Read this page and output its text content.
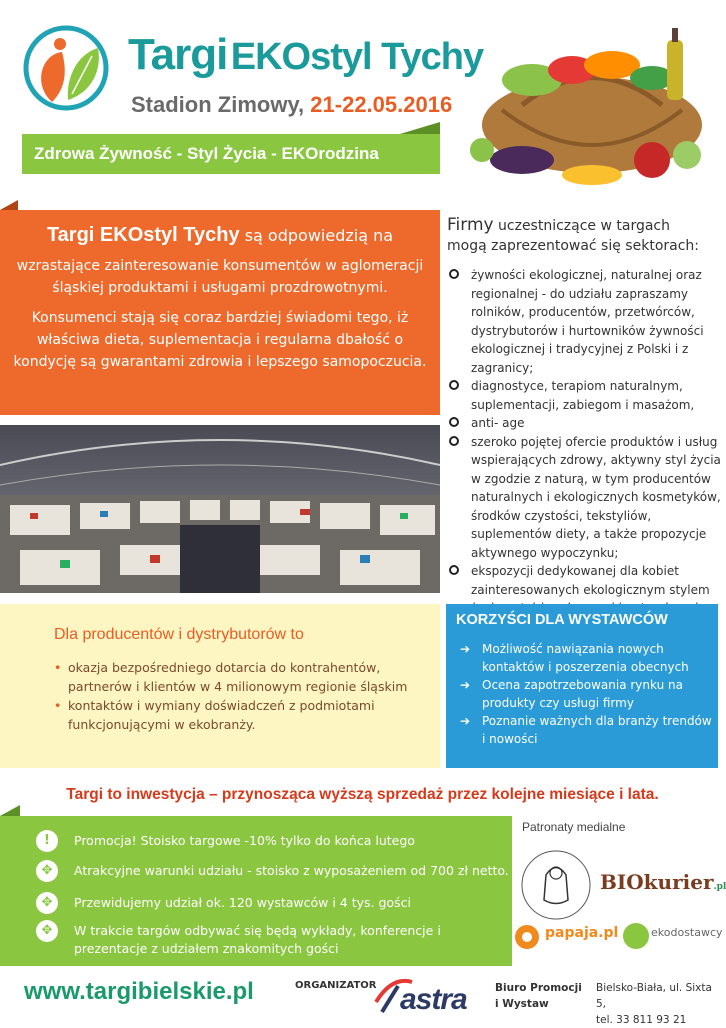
Targi EKOstyl Tychy
Stadion Zimowy, 21-22.05.2016
Zdrowa Żywność - Styl Życia - EKOrodzina

Targi EKOstyl Tychy są odpowiedzią na

wzrastające zainteresowanie konsumentów w aglomeracji śląskiej produktami i usługami prozdrowotnymi.

Konsumenci stają się coraz bardziej świadomi tego, iż właściwa dieta, suplementacja i regularna dbałość o kondycję są gwarantami zdrowia i lepszego samopoczucia.

Firmy uczestniczące w targach
mogą zaprezentować się sektorach:
żywności ekologicznej, naturalnej oraz regionalnej - do udziału zapraszamy rolników, producentów, przetwórców, dystrybutorów i hurtowników żywności ekologicznej i tradycyjnej z Polski i z zagranicy;
diagnostyce, terapiom naturalnym, suplementacji, zabiegom i masażom,
anti- age
szeroko pojętej ofercie produktów i usług wspierających zdrowy, aktywny styl życia w zgodzie z naturą, w tym producentów naturalnych i ekologicznych kosmetyków, środków czystości, tekstyliów, suplementów diety, a także propozycje aktywnego wypoczynku;
ekspozycji dedykowanej dla kobiet zainteresowanych ekologicznym stylem
Dla producentów i dystrybutorów to
• okazja bezpośredniego dotarcia do kontrahentów, partnerów i klientów w 4 milionowym regionie śląskim
• kontaktów i wymiany doświadczeń z podmiotami funkcjonującymi w ekobranży.
KORZYŚCI DLA WYSTAWCÓW
➔ Możliwość nawiązania nowych kontaktów i poszerzenia obecnych
➔ Ocena zapotrzebowania rynku na produkty czy usługi firmy
➔ Poznanie ważnych dla branży trendów i nowości
Targi to inwestycja – przynosząca wyższą sprzedaż przez kolejne miesiące i lata.
!	Promocja! Stoisko targowe -10% tylko do końca lutego
✥	Atrakcyjne warunki udziału - stoisko z wyposażeniem od 700 zł netto.
✥	Przewidujemy udział ok. 120 wystawców i 4 tys. gości
✥	W trakcie targów odbywać się będą wykłady, konferencje i prezentacje z udziałem znakomitych gości
Patronaty medialne
BIOkurier.pl
papaja.pl	ekodostawcy
www.targibielskie.pl	ORGANIZATOR astra	Biuro Promocji
i Wystaw
Bielsko-Biała, ul. Sixta 5,
tel. 33 811 93 21
